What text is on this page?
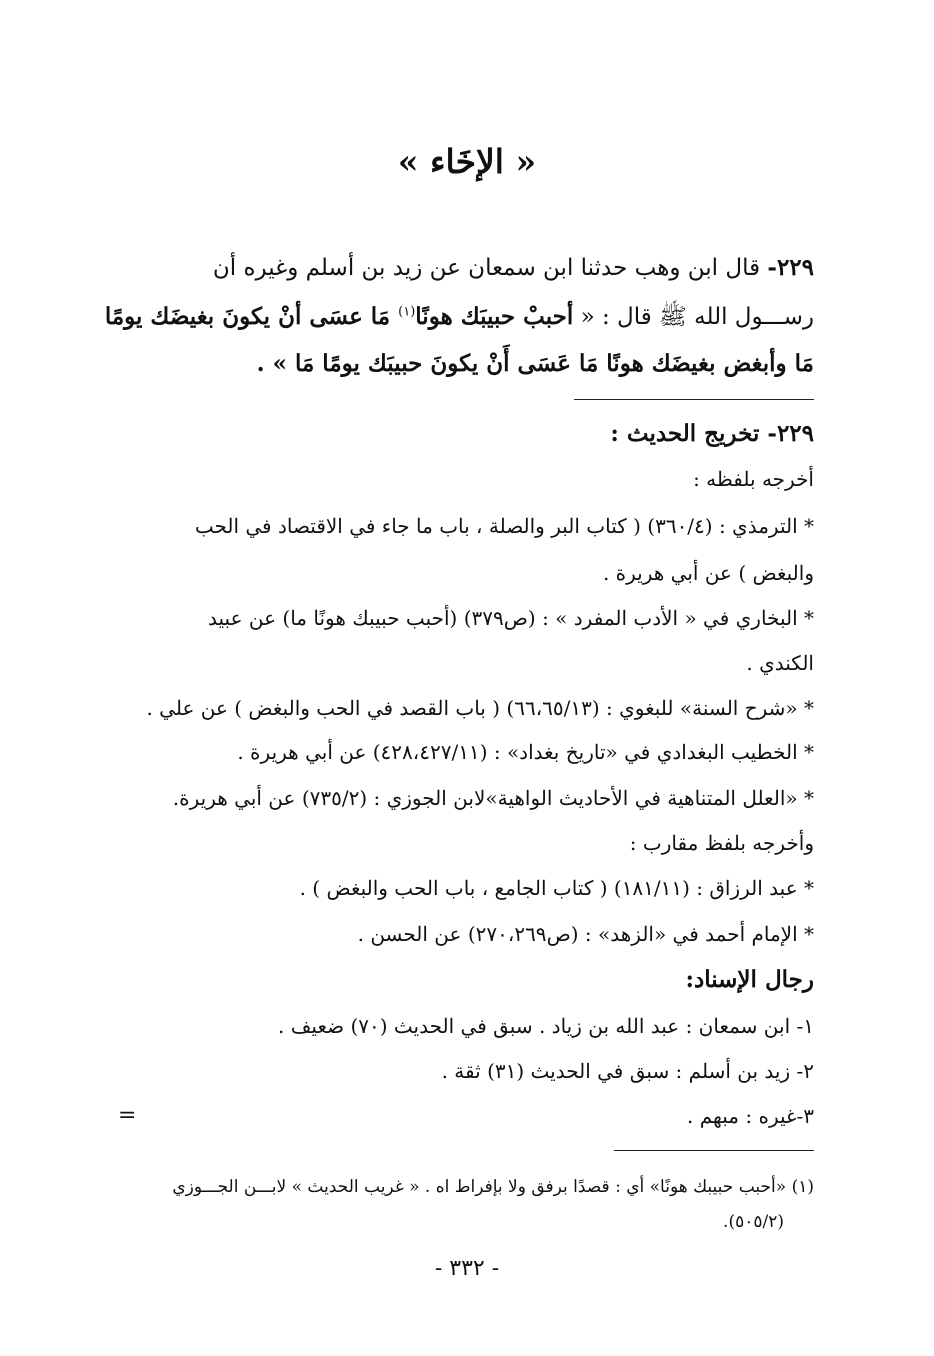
« الإخَاء »
٢٢٩- قال ابن وهب حدثنا ابن سمعان عن زيد بن أسلم وغيره أن
رســـول الله ﷺ قال : « أحببْ حبيبَك هونًا$^{(١)}$ مَا عسَى أنْ يكونَ بغيضَك يومًا
مَا وأبغض بغيضَك هونًا مَا عَسَى أَنْ يكونَ حبيبَك يومًا مَا » .
٢٢٩- تخريج الحديث :
أخرجه بلفظه :
* الترمذي : (٣٦٠/٤) ( كتاب البر والصلة ، باب ما جاء في الاقتصاد في الحب
والبغض ) عن أبي هريرة .
* البخاري في « الأدب المفرد » : (ص٣٧٩) (أحبب حبيبك هونًا ما) عن عبيد
الكندي .
* «شرح السنة» للبغوي : (٦٦،٦٥/١٣) ( باب القصد في الحب والبغض ) عن علي .
* الخطيب البغدادي في «تاريخ بغداد» : (٤٢٨،٤٢٧/١١) عن أبي هريرة .
* «العلل المتناهية في الأحاديث الواهية»لابن الجوزي : (٧٣٥/٢) عن أبي هريرة.
وأخرجه بلفظ مقارب :
* عبد الرزاق : (١٨١/١١) ( كتاب الجامع ، باب الحب والبغض ) .
* الإمام أحمد في «الزهد» : (ص٢٧٠،٢٦٩) عن الحسن .
رجال الإسناد:
١- ابن سمعان : عبد الله بن زياد . سبق في الحديث (٧٠) ضعيف .
٢- زيد بن أسلم : سبق في الحديث (٣١) ثقة .
٣-غيره : مبهم .
=
(١) «أحبب حبيبك هونًا» أي : قصدًا برفق ولا بإفراط اه . « غريب الحديث » لابـــن الجـــوزي
(٥٠٥/٢).
- ٣٣٢ -
